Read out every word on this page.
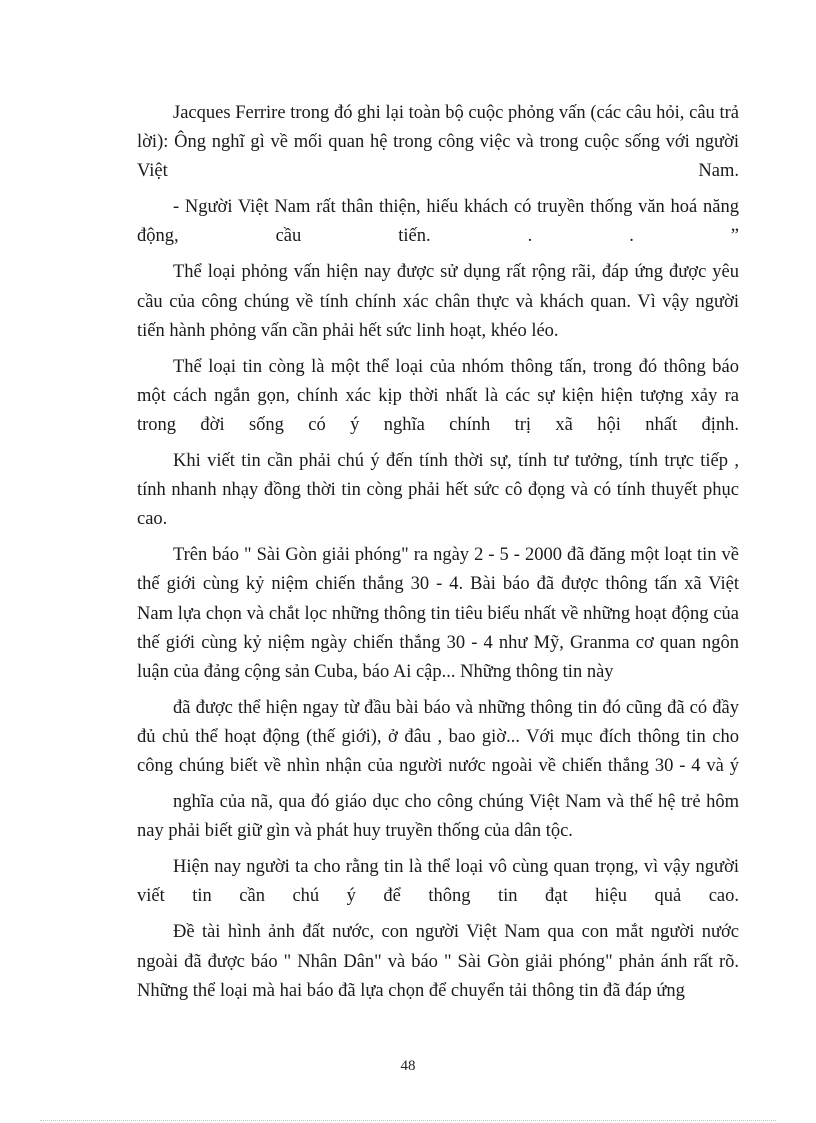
Jacques Ferrire trong đó ghi lại toàn bộ cuộc phỏng vấn (các câu hỏi, câu trả lời): Ông nghĩ gì về mối quan hệ trong công việc và trong cuộc sống với người Việt Nam.

- Người Việt Nam rất thân thiện, hiếu khách có truyền thống văn hoá năng động, cầu tiến. . . ”

Thể loại phỏng vấn hiện nay được sử dụng rất rộng rãi, đáp ứng được yêu cầu của công chúng về tính chính xác chân thực và khách quan. Vì vậy người tiến hành phỏng vấn cần phải hết sức linh hoạt, khéo léo.

Thể loại tin còng là một thể loại của nhóm thông tấn, trong đó thông báo một cách ngắn gọn, chính xác kịp thời nhất là các sự kiện hiện tượng xảy ra trong đời sống có ý nghĩa chính trị xã hội nhất định.

Khi viết tin cần phải chú ý đến tính thời sự, tính tư tưởng, tính trực tiếp , tính nhanh nhạy đồng thời tin còng phải hết sức cô đọng và có tính thuyết phục cao.

Trên báo " Sài Gòn giải phóng" ra ngày 2 - 5 - 2000 đã đăng một loạt tin về thế giới cùng kỷ niệm chiến thắng 30 - 4. Bài báo đã được thông tấn xã Việt Nam lựa chọn và chắt lọc những thông tin tiêu biểu nhất về những hoạt động của thế giới cùng kỷ niệm ngày chiến thắng 30 - 4 như Mỹ, Granma cơ quan ngôn luận của đảng cộng sản Cuba, báo Ai cập... Những thông tin này

đã được thể hiện ngay từ đầu bài báo và những thông tin đó cũng đã có đầy đủ chủ thể hoạt động (thế giới), ở đâu , bao giờ... Với mục đích thông tin cho công chúng biết về nhìn nhận của người nước ngoài về chiến thắng 30 - 4 và ý

nghĩa của nã, qua đó giáo dục cho công chúng Việt Nam và thế hệ trẻ hôm nay phải biết giữ gìn và phát huy truyền thống của dân tộc.

Hiện nay người ta cho rằng tin là thể loại vô cùng quan trọng, vì vậy người viết tin cần chú ý để thông tin đạt hiệu quả cao.

Đề tài hình ảnh đất nước, con người Việt Nam qua con mắt người nước ngoài đã được báo " Nhân Dân" và báo " Sài Gòn giải phóng" phản ánh rất rõ. Những thể loại mà hai báo đã lựa chọn để chuyển tải thông tin đã đáp ứng

48
